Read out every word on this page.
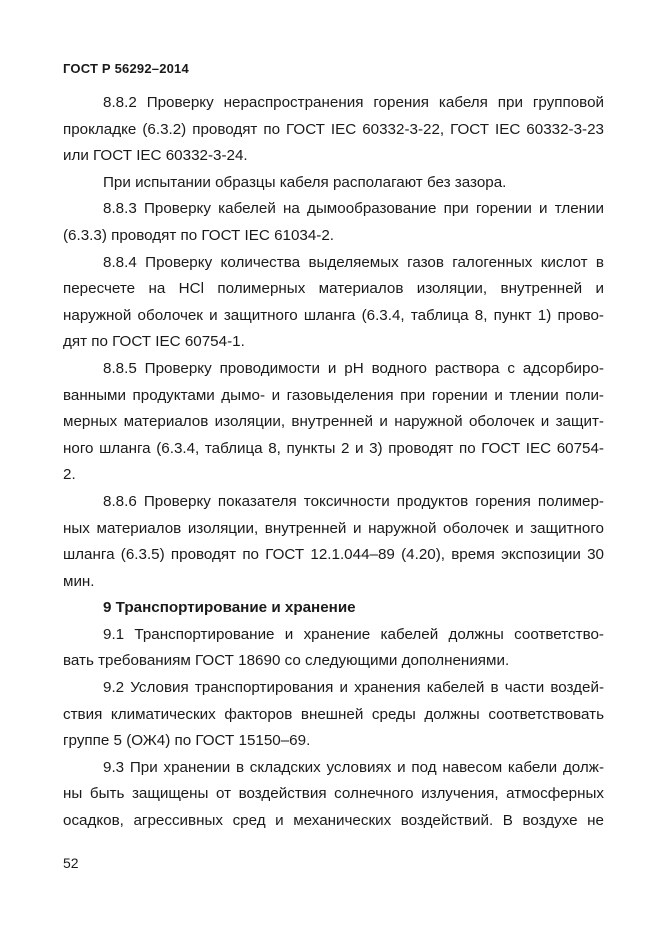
ГОСТ Р 56292–2014
8.8.2 Проверку нераспространения горения кабеля при групповой
прокладке (6.3.2) проводят по ГОСТ IEC 60332-3-22, ГОСТ IEC 60332-3-23
или ГОСТ IEC 60332-3-24.
При испытании образцы кабеля располагают без зазора.
8.8.3 Проверку кабелей на дымообразование при горении и тлении
(6.3.3) проводят по ГОСТ IEC 61034-2.
8.8.4 Проверку количества выделяемых газов галогенных кислот в
пересчете на HCl полимерных материалов изоляции, внутренней и
наружной оболочек и защитного шланга (6.3.4, таблица 8, пункт 1) прово-
дят по ГОСТ IEC 60754-1.
8.8.5 Проверку проводимости и pH водного раствора с адсорбиро-
ванными продуктами дымо- и газовыделения при горении и тлении поли-
мерных материалов изоляции, внутренней и наружной оболочек и защит-
ного шланга (6.3.4, таблица 8, пункты 2 и 3) проводят по ГОСТ IEC 60754-
2.
8.8.6 Проверку показателя токсичности продуктов горения полимер-
ных материалов изоляции, внутренней и наружной оболочек и защитного
шланга (6.3.5) проводят по ГОСТ 12.1.044–89 (4.20), время экспозиции 30
мин.
9 Транспортирование и хранение
9.1 Транспортирование и хранение кабелей должны соответство-
вать требованиям ГОСТ 18690 со следующими дополнениями.
9.2 Условия транспортирования и хранения кабелей в части воздей-
ствия климатических факторов внешней среды должны соответствовать
группе 5 (ОЖ4) по ГОСТ 15150–69.
9.3 При хранении в складских условиях и под навесом кабели долж-
ны быть защищены от воздействия солнечного излучения, атмосферных
осадков, агрессивных сред и механических воздействий. В воздухе не
52
